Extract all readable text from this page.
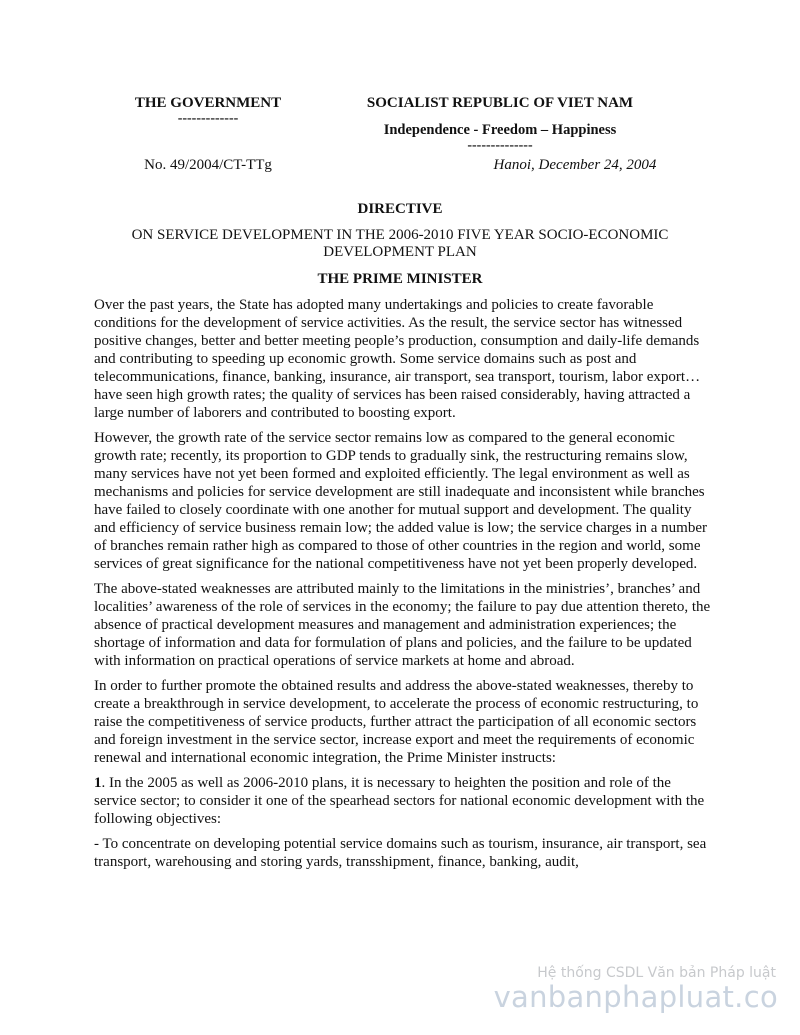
THE GOVERNMENT
-------------
SOCIALIST REPUBLIC OF VIET NAM
Independence - Freedom – Happiness
--------------
No. 49/2004/CT-TTg	Hanoi, December 24, 2004
DIRECTIVE
ON SERVICE DEVELOPMENT IN THE 2006-2010 FIVE YEAR SOCIO-ECONOMIC DEVELOPMENT PLAN
THE PRIME MINISTER

Over the past years, the State has adopted many undertakings and policies to create favorable conditions for the development of service activities. As the result, the service sector has witnessed positive changes, better and better meeting people’s production, consumption and daily-life demands and contributing to speeding up economic growth. Some service domains such as post and telecommunications, finance, banking, insurance, air transport, sea transport, tourism, labor export… have seen high growth rates; the quality of services has been raised considerably, having attracted a large number of laborers and contributed to boosting export.

However, the growth rate of the service sector remains low as compared to the general economic growth rate; recently, its proportion to GDP tends to gradually sink, the restructuring remains slow, many services have not yet been formed and exploited efficiently. The legal environment as well as mechanisms and policies for service development are still inadequate and inconsistent while branches have failed to closely coordinate with one another for mutual support and development. The quality and efficiency of service business remain low; the added value is low; the service charges in a number of branches remain rather high as compared to those of other countries in the region and world, some services of great significance for the national competitiveness have not yet been properly developed.

The above-stated weaknesses are attributed mainly to the limitations in the ministries’, branches’ and localities’ awareness of the role of services in the economy; the failure to pay due attention thereto, the absence of practical development measures and management and administration experiences; the shortage of information and data for formulation of plans and policies, and the failure to be updated with information on practical operations of service markets at home and abroad.

In order to further promote the obtained results and address the above-stated weaknesses, thereby to create a breakthrough in service development, to accelerate the process of economic restructuring, to raise the competitiveness of service products, further attract the participation of all economic sectors and foreign investment in the service sector, increase export and meet the requirements of economic renewal and international economic integration, the Prime Minister instructs:

1. In the 2005 as well as 2006-2010 plans, it is necessary to heighten the position and role of the service sector; to consider it one of the spearhead sectors for national economic development with the following objectives:

- To concentrate on developing potential service domains such as tourism, insurance, air transport, sea transport, warehousing and storing yards, transshipment, finance, banking, audit,

Hệ thống CSDL Văn bản Pháp luật
vanbanphapluat.co
